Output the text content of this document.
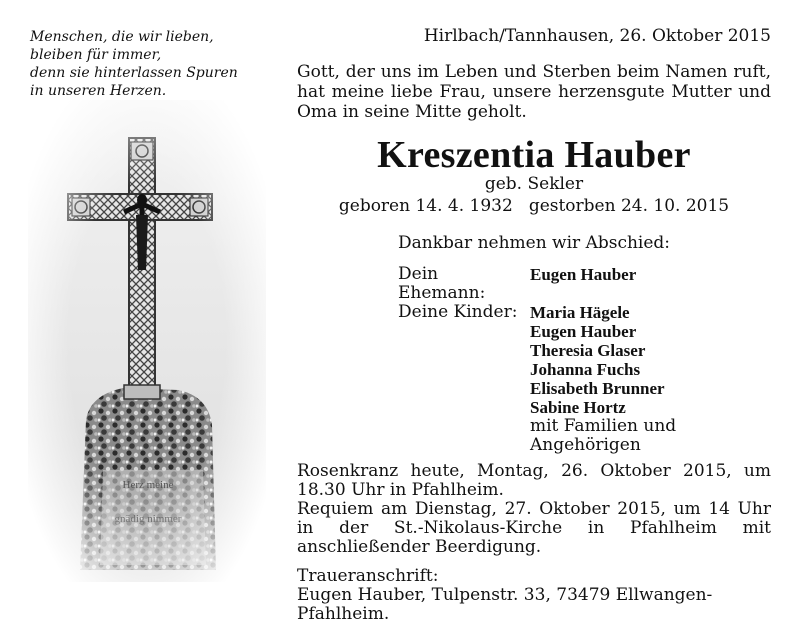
Menschen, die wir lieben,
bleiben für immer,
denn sie hinterlassen Spuren
in unseren Herzen.
Hirlbach/Tannhausen, 26. Oktober 2015
Gott, der uns im Leben und Sterben beim Namen ruft, hat meine liebe Frau, unsere herzensgute Mutter und Oma in seine Mitte geholt.
Kreszentia Hauber
geb. Sekler
geboren 14. 4. 1932 gestorben 24. 10. 2015
Dankbar nehmen wir Abschied:
Dein Ehemann:
Eugen Hauber
Deine Kinder: Maria Hägele
Eugen Hauber
Theresia Glaser
Johanna Fuchs
Elisabeth Brunner
Sabine Hortz
mit Familien und Angehörigen
Rosenkranz heute, Montag, 26. Oktober 2015, um 18.30 Uhr in Pfahlheim.
Requiem am Dienstag, 27. Oktober 2015, um 14 Uhr in der St.-Nikolaus-Kirche in Pfahlheim mit anschließender Beerdigung.
Traueranschrift:
Eugen Hauber, Tulpenstr. 33, 73479 Ellwangen-Pfahlheim.
